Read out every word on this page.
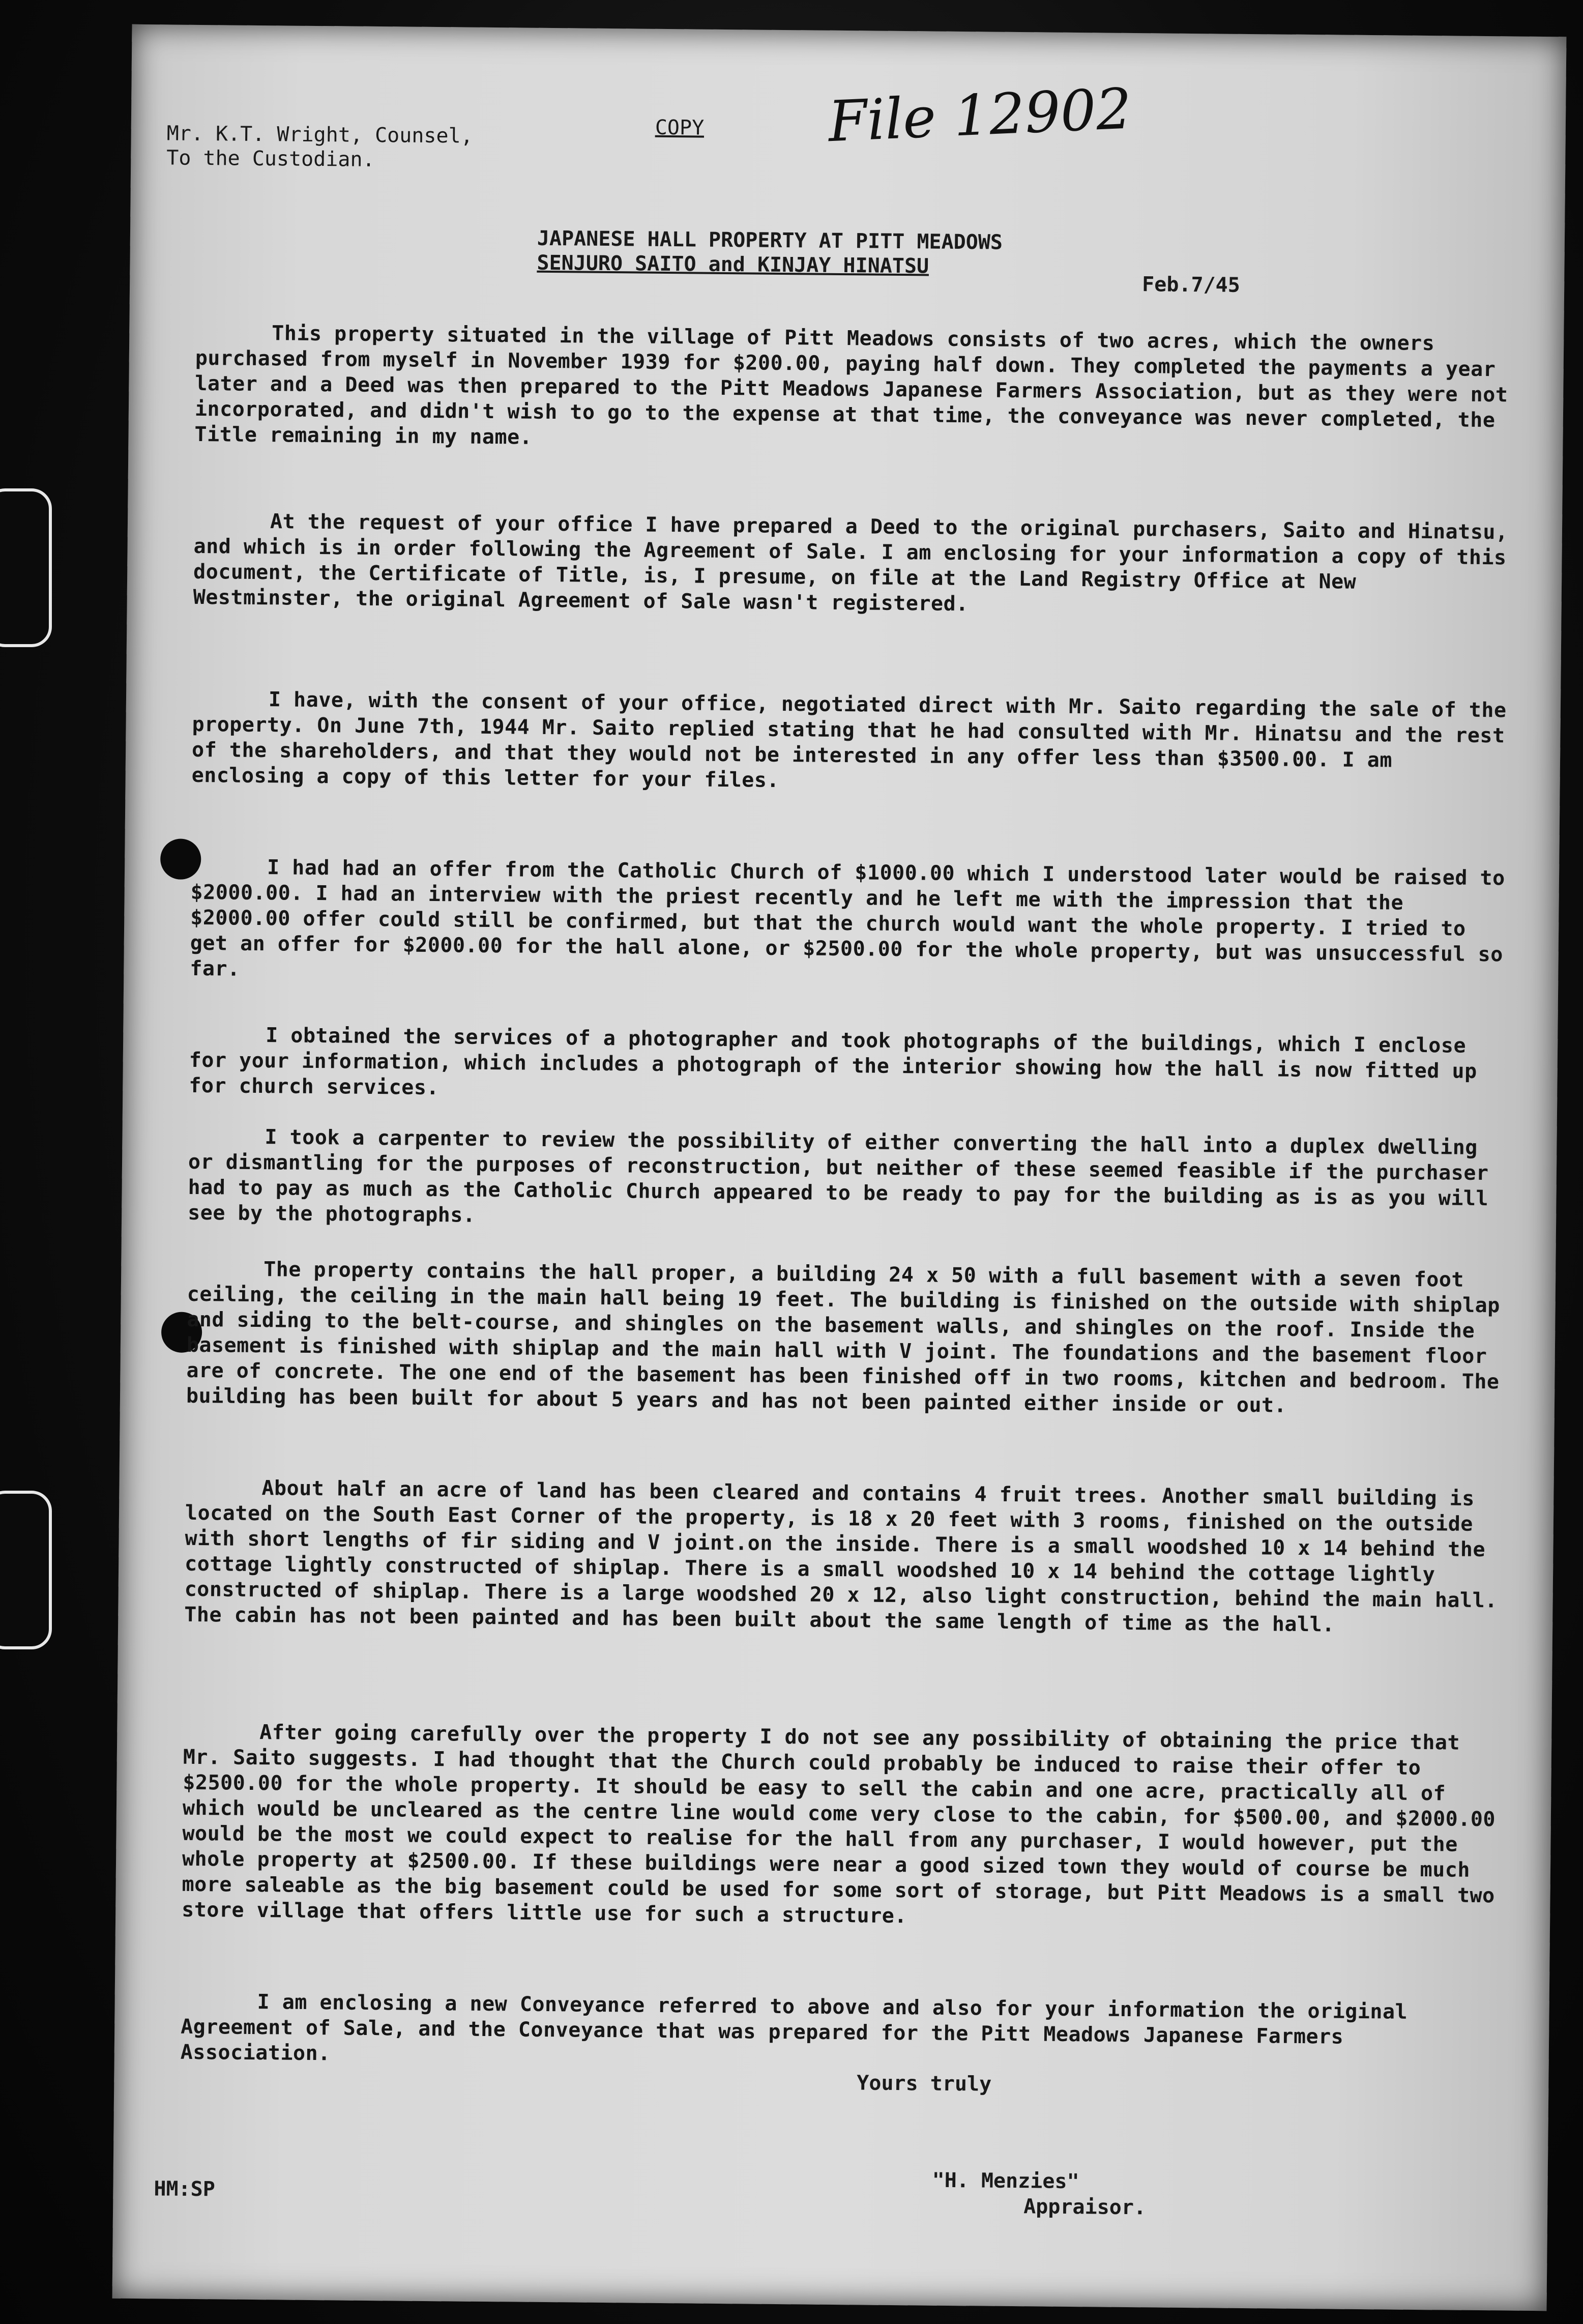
Mr. K.T. Wright, Counsel,
To the Custodian.
COPY File 12902
JAPANESE HALL PROPERTY AT PITT MEADOWS
SENJURO SAITO and KINJAY HINATSU
Feb.7/45

This property situated in the village of Pitt Meadows consists of two acres, which the owners purchased from myself in November 1939 for $200.00, paying half down. They completed the payments a year later and a Deed was then prepared to the Pitt Meadows Japanese Farmers Association, but as they were not incorporated, and didn't wish to go to the expense at that time, the conveyance was never completed, the Title remaining in my name.

At the request of your office I have prepared a Deed to the original purchasers, Saito and Hinatsu, and which is in order following the Agreement of Sale. I am enclosing for your information a copy of this document, the Certificate of Title, is, I presume, on file at the Land Registry Office at New Westminster, the original Agreement of Sale wasn't registered.

I have, with the consent of your office, negotiated direct with Mr. Saito regarding the sale of the property. On June 7th, 1944 Mr. Saito replied stating that he had consulted with Mr. Hinatsu and the rest of the shareholders, and that they would not be interested in any offer less than $3500.00. I am enclosing a copy of this letter for your files.

I had had an offer from the Catholic Church of $1000.00 which I understood later would be raised to $2000.00. I had an interview with the priest recently and he left me with the impression that the $2000.00 offer could still be confirmed, but that the church would want the whole property. I tried to get an offer for $2000.00 for the hall alone, or $2500.00 for the whole property, but was unsuccessful so far.

I obtained the services of a photographer and took photographs of the buildings, which I enclose for your information, which includes a photograph of the interior showing how the hall is now fitted up for church services.

I took a carpenter to review the possibility of either converting the hall into a duplex dwelling or dismantling for the purposes of reconstruction, but neither of these seemed feasible if the purchaser had to pay as much as the Catholic Church appeared to be ready to pay for the building as is as you will see by the photographs.

The property contains the hall proper, a building 24 x 50 with a full basement with a seven foot ceiling, the ceiling in the main hall being 19 feet. The building is finished on the outside with shiplap and siding to the belt-course, and shingles on the basement walls, and shingles on the roof. Inside the basement is finished with shiplap and the main hall with V joint. The foundations and the basement floor are of concrete. The one end of the basement has been finished off in two rooms, kitchen and bedroom. The building has been built for about 5 years and has not been painted either inside or out.

About half an acre of land has been cleared and contains 4 fruit trees. Another small building is located on the South East Corner of the property, is 18 x 20 feet with 3 rooms, finished on the outside with short lengths of fir siding and V joint.on the inside. There is a small woodshed 10 x 14 behind the cottage lightly constructed of shiplap. There is a small woodshed 10 x 14 behind the cottage lightly constructed of shiplap. There is a large woodshed 20 x 12, also light construction, behind the main hall. The cabin has not been painted and has been built about the same length of time as the hall.

After going carefully over the property I do not see any possibility of obtaining the price that Mr. Saito suggests. I had thought that the Church could probably be induced to raise their offer to $2500.00 for the whole property. It should be easy to sell the cabin and one acre, practically all of which would be uncleared as the centre line would come very close to the cabin, for $500.00, and $2000.00 would be the most we could expect to realise for the hall from any purchaser, I would however, put the whole property at $2500.00. If these buildings were near a good sized town they would of course be much more saleable as the big basement could be used for some sort of storage, but Pitt Meadows is a small two store village that offers little use for such a structure.

I am enclosing a new Conveyance referred to above and also for your information the original Agreement of Sale, and the Conveyance that was prepared for the Pitt Meadows Japanese Farmers Association.

Yours truly
"H. Menzies"
Appraisor.
HM:SP
